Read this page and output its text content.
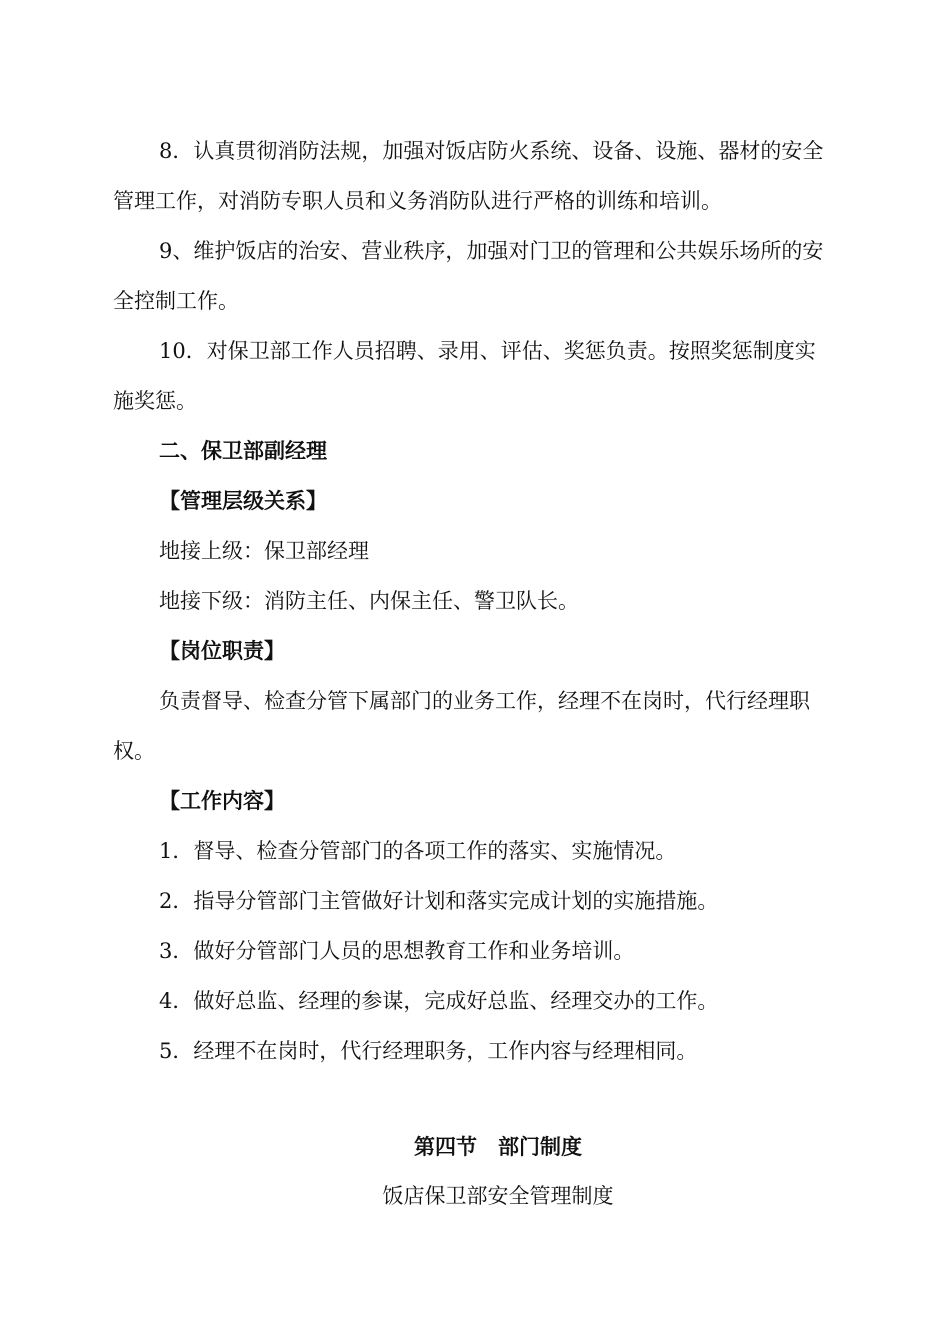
8．认真贯彻消防法规，加强对饭店防火系统、设备、设施、器材的安全管理工作，对消防专职人员和义务消防队进行严格的训练和培训。

9、维护饭店的治安、营业秩序，加强对门卫的管理和公共娱乐场所的安全控制工作。

10．对保卫部工作人员招聘、录用、评估、奖惩负责。按照奖惩制度实施奖惩。

二、保卫部副经理

【管理层级关系】

地接上级：保卫部经理

地接下级：消防主任、内保主任、警卫队长。

【岗位职责】

负责督导、检查分管下属部门的业务工作，经理不在岗时，代行经理职权。

【工作内容】

1．督导、检查分管部门的各项工作的落实、实施情况。

2．指导分管部门主管做好计划和落实完成计划的实施措施。

3．做好分管部门人员的思想教育工作和业务培训。

4．做好总监、经理的参谋，完成好总监、经理交办的工作。

5．经理不在岗时，代行经理职务，工作内容与经理相同。

第四节　部门制度

饭店保卫部安全管理制度
